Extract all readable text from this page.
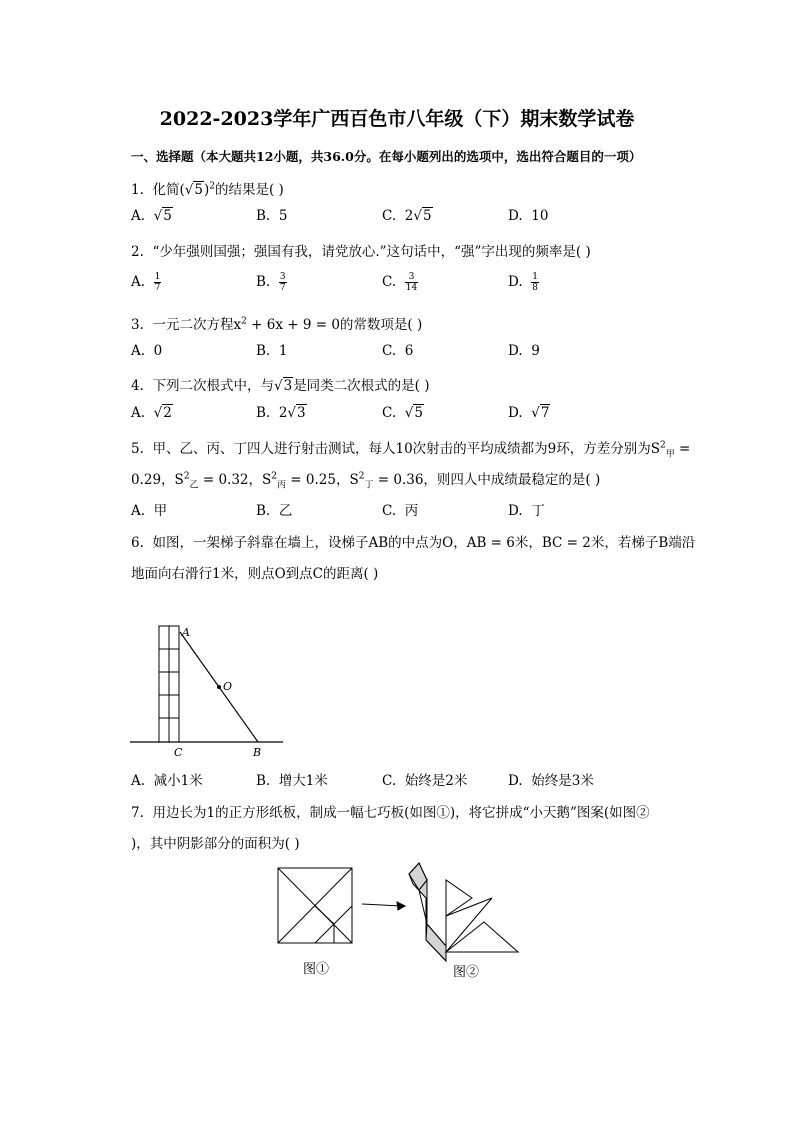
2022-2023学年广西百色市八年级（下）期末数学试卷
一、选择题（本大题共12小题，共36.0分。在每小题列出的选项中，选出符合题目的一项）
1. 化简$(√5)^2$的结果是( )
A. √5	B. 5	C. 2√5	D. 10
2. “少年强则国强；强国有我，请党放心.”这句话中，“强”字出现的频率是( )
A. $\frac{1}{7}$	B. $\frac{3}{7}$	C. $\frac{3}{14}$	D. $\frac{1}{8}$
3. 一元二次方程$x^2 + 6x + 9 = 0$的常数项是( )
A. 0	B. 1	C. 6	D. 9
4. 下列二次根式中，与√3是同类二次根式的是( )
A. √2	B. 2√3	C. √5	D. √7
5. 甲、乙、丙、丁四人进行射击测试，每人10次射击的平均成绩都为9环，方差分别为$S^2_甲$ =
0.29，$S^2_乙 = 0.32$，$S^2_丙 = 0.25$，$S^2_丁 = 0.36$，则四人中成绩最稳定的是( )
A. 甲	B. 乙	C. 丙	D. 丁
6. 如图，一架梯子斜靠在墙上，设梯子AB的中点为O，AB = 6米，BC = 2米，若梯子B端沿
地面向右滑行1米，则点O到点C的距离( )
A
O
C	B
A. 减小1米	B. 增大1米	C. 始终是2米	D. 始终是3米
7. 用边长为1的正方形纸板，制成一幅七巧板(如图①)，将它拼成“小天鹅”图案(如图②
)，其中阴影部分的面积为( )
图①	图②
